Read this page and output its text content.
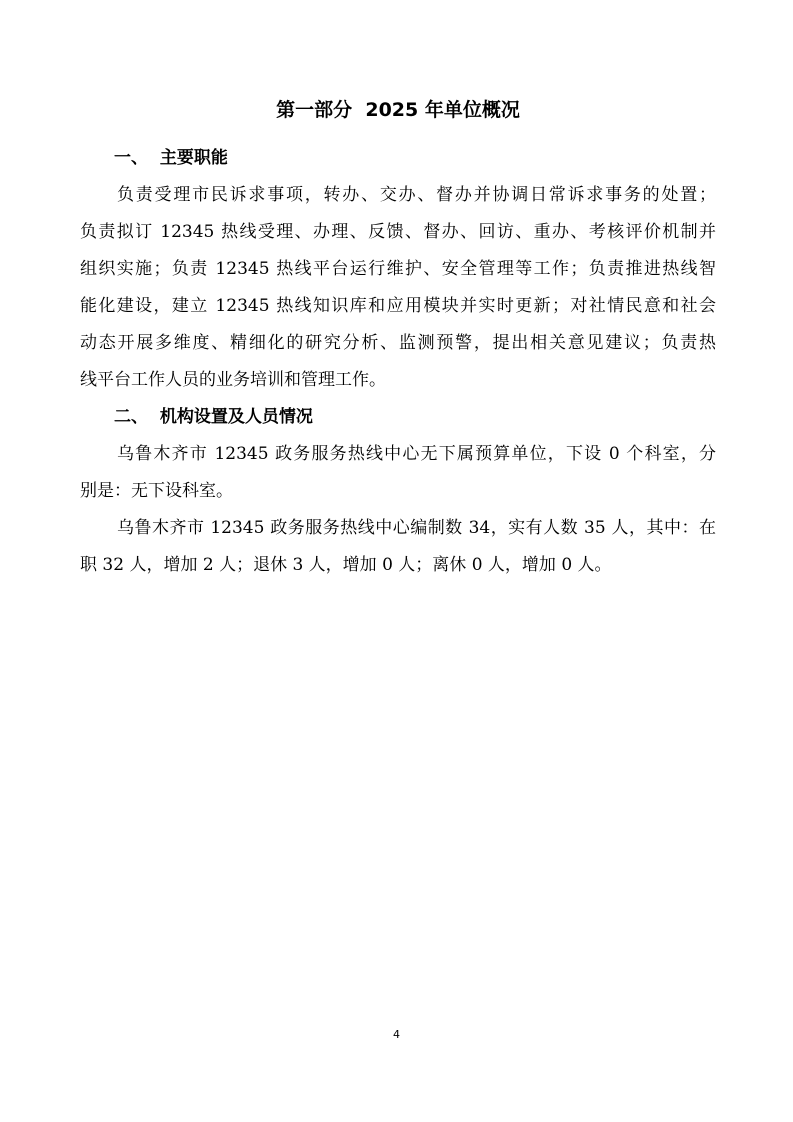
第一部分  2025 年单位概况
一、  主要职能
负责受理市民诉求事项，转办、交办、督办并协调日常诉求事务的处置；
负责拟订 12345 热线受理、办理、反馈、督办、回访、重办、考核评价机制并
组织实施；负责 12345 热线平台运行维护、安全管理等工作；负责推进热线智
能化建设，建立 12345 热线知识库和应用模块并实时更新；对社情民意和社会
动态开展多维度、精细化的研究分析、监测预警，提出相关意见建议；负责热
线平台工作人员的业务培训和管理工作。
二、  机构设置及人员情况
乌鲁木齐市 12345 政务服务热线中心无下属预算单位，下设 0 个科室，分
别是：无下设科室。
乌鲁木齐市 12345 政务服务热线中心编制数 34，实有人数 35 人，其中：在
职 32 人，增加 2 人；退休 3 人，增加 0 人；离休 0 人，增加 0 人。
4
